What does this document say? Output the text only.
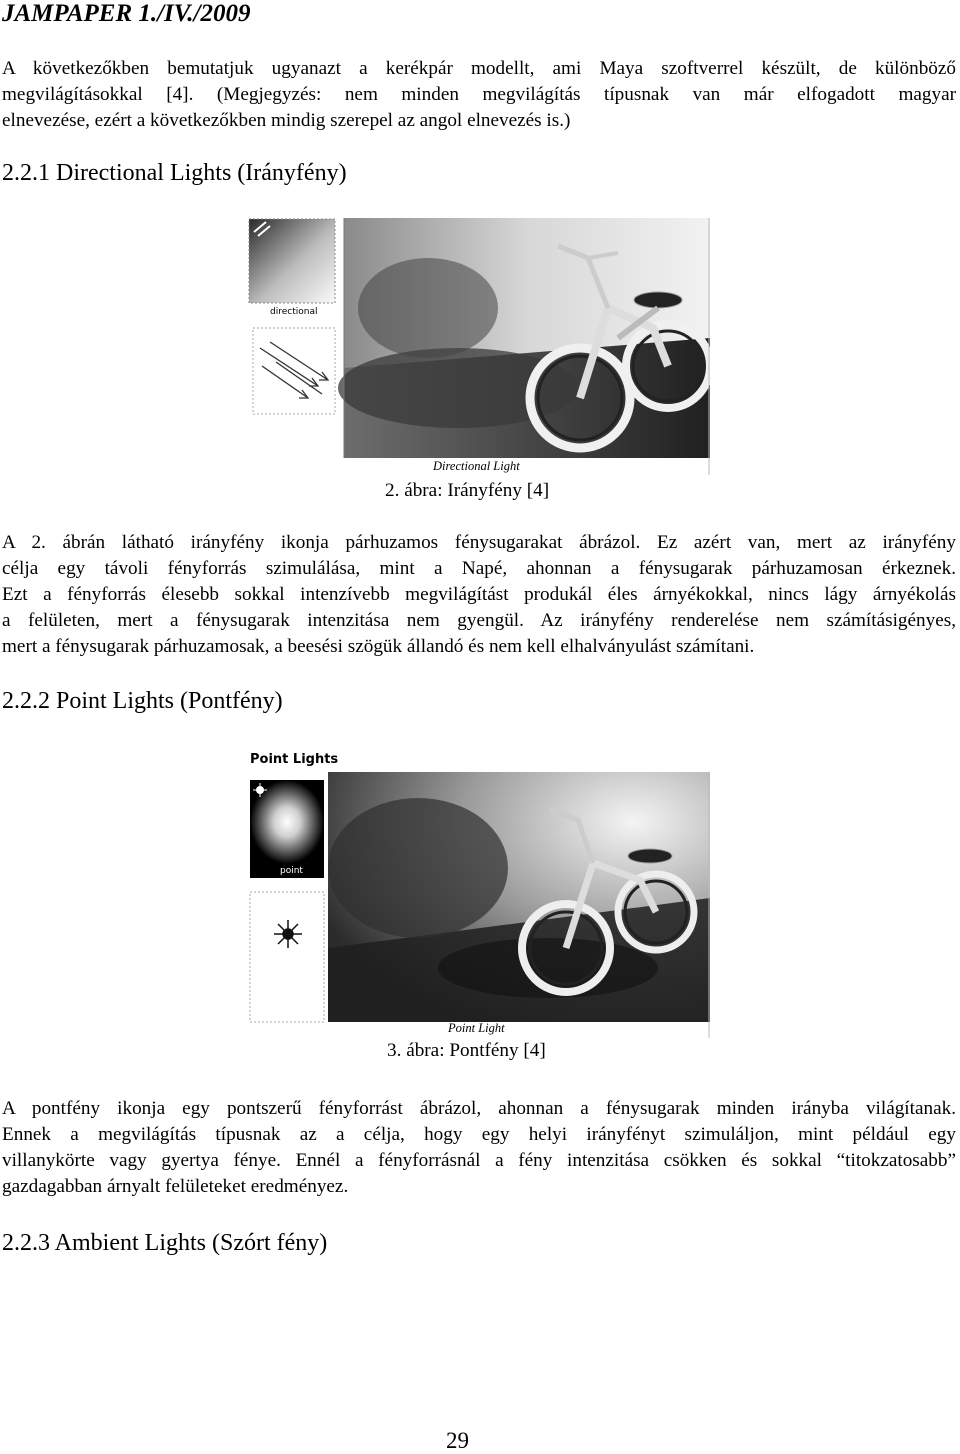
JAMPAPER 1./IV./2009
A következőkben bemutatjuk ugyanazt a kerékpár modellt, ami Maya szoftverrel készült, de különböző
megvilágításokkal [4]. (Megjegyzés: nem minden megvilágítás típusnak van már elfogadott magyar
elnevezése, ezért a következőkben mindig szerepel az angol elnevezés is.)
2.2.1 Directional Lights (Irányfény)
directional
Directional Light
2. ábra: Irányfény [4]
A 2. ábrán látható irányfény ikonja párhuzamos fénysugarakat ábrázol. Ez azért van, mert az irányfény
célja egy távoli fényforrás szimulálása, mint a Napé, ahonnan a fénysugarak párhuzamosan érkeznek.
Ezt a fényforrás élesebb sokkal intenzívebb megvilágítást produkál éles árnyékokkal, nincs lágy árnyékolás
a felületen, mert a fénysugarak intenzitása nem gyengül. Az irányfény renderelése nem számításigényes,
mert a fénysugarak párhuzamosak, a beesési szögük állandó és nem kell elhalványulást számítani.
2.2.2 Point Lights (Pontfény)
Point Lights
point
Point Light
3. ábra: Pontfény [4]
A pontfény ikonja egy pontszerű fényforrást ábrázol, ahonnan a fénysugarak minden irányba világítanak.
Ennek a megvilágítás típusnak az a célja, hogy egy helyi irányfényt szimuláljon, mint például egy
villanykörte vagy gyertya fénye. Ennél a fényforrásnál a fény intenzitása csökken és sokkal “titokzatosabb”
gazdagabban árnyalt felületeket eredményez.
2.2.3 Ambient Lights (Szórt fény)
29
